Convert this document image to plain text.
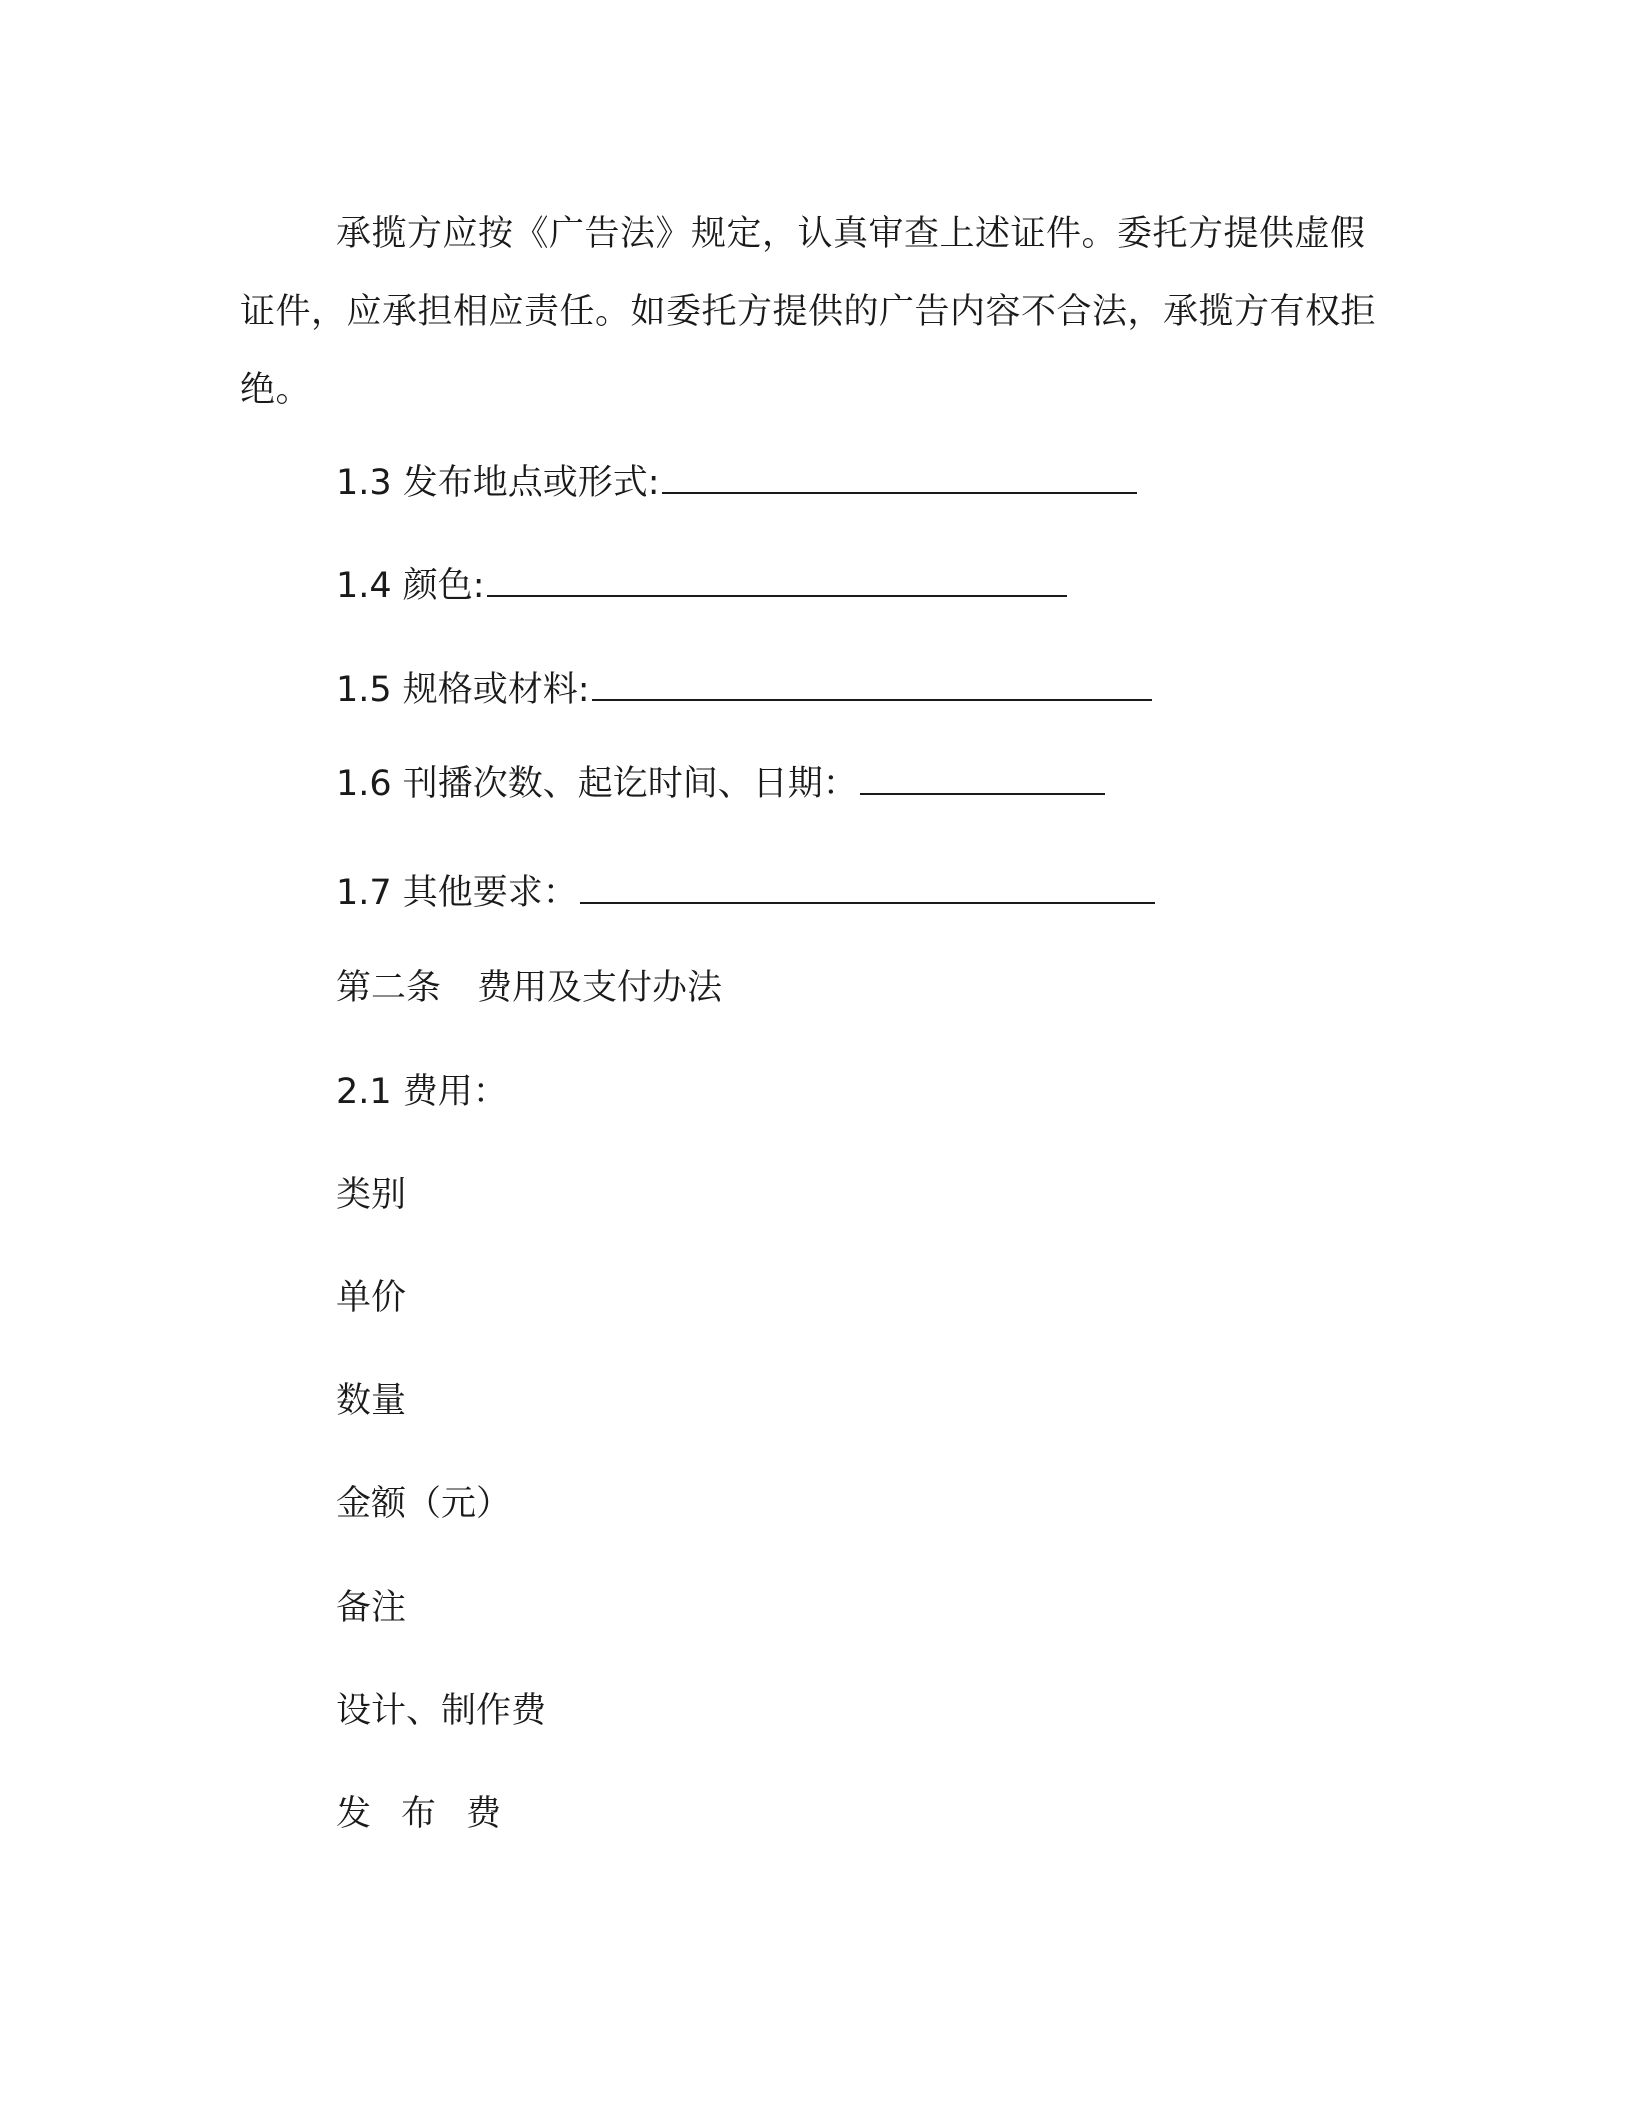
承揽方应按《广告法》规定，认真审查上述证件。委托方提供虚假证件，应承担相应责任。如委托方提供的广告内容不合法，承揽方有权拒绝。

1.3 发布地点或形式:
1.4 颜色:
1.5 规格或材料:
1.6 刊播次数、起讫时间、日期：
1.7 其他要求：
第二条 费用及支付办法
2.1 费用：
类别
单价
数量
金额（元）
备注
设计、制作费
发布费
